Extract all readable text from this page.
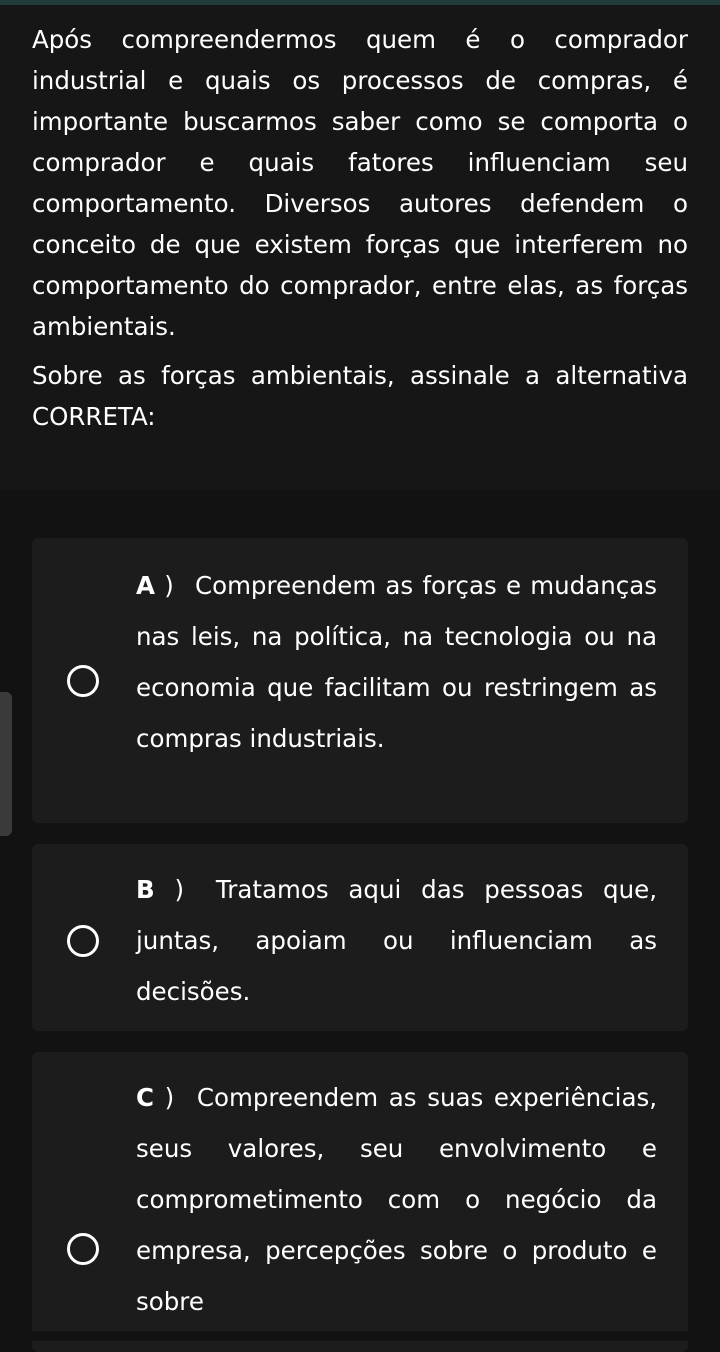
Após compreendermos quem é o comprador industrial e quais os processos de compras, é importante buscarmos saber como se comporta o comprador e quais fatores influenciam seu comportamento. Diversos autores defendem o conceito de que existem forças que interferem no comportamento do comprador, entre elas, as forças ambientais.

Sobre as forças ambientais, assinale a alternativa CORRETA:

A ) Compreendem as forças e mudanças nas leis, na política, na tecnologia ou na economia que facilitam ou restringem as compras industriais.

B ) Tratamos aqui das pessoas que, juntas, apoiam ou influenciam as decisões.

C ) Compreendem as suas experiências, seus valores, seu envolvimento e comprometimento com o negócio da empresa, percepções sobre o produto e sobre
